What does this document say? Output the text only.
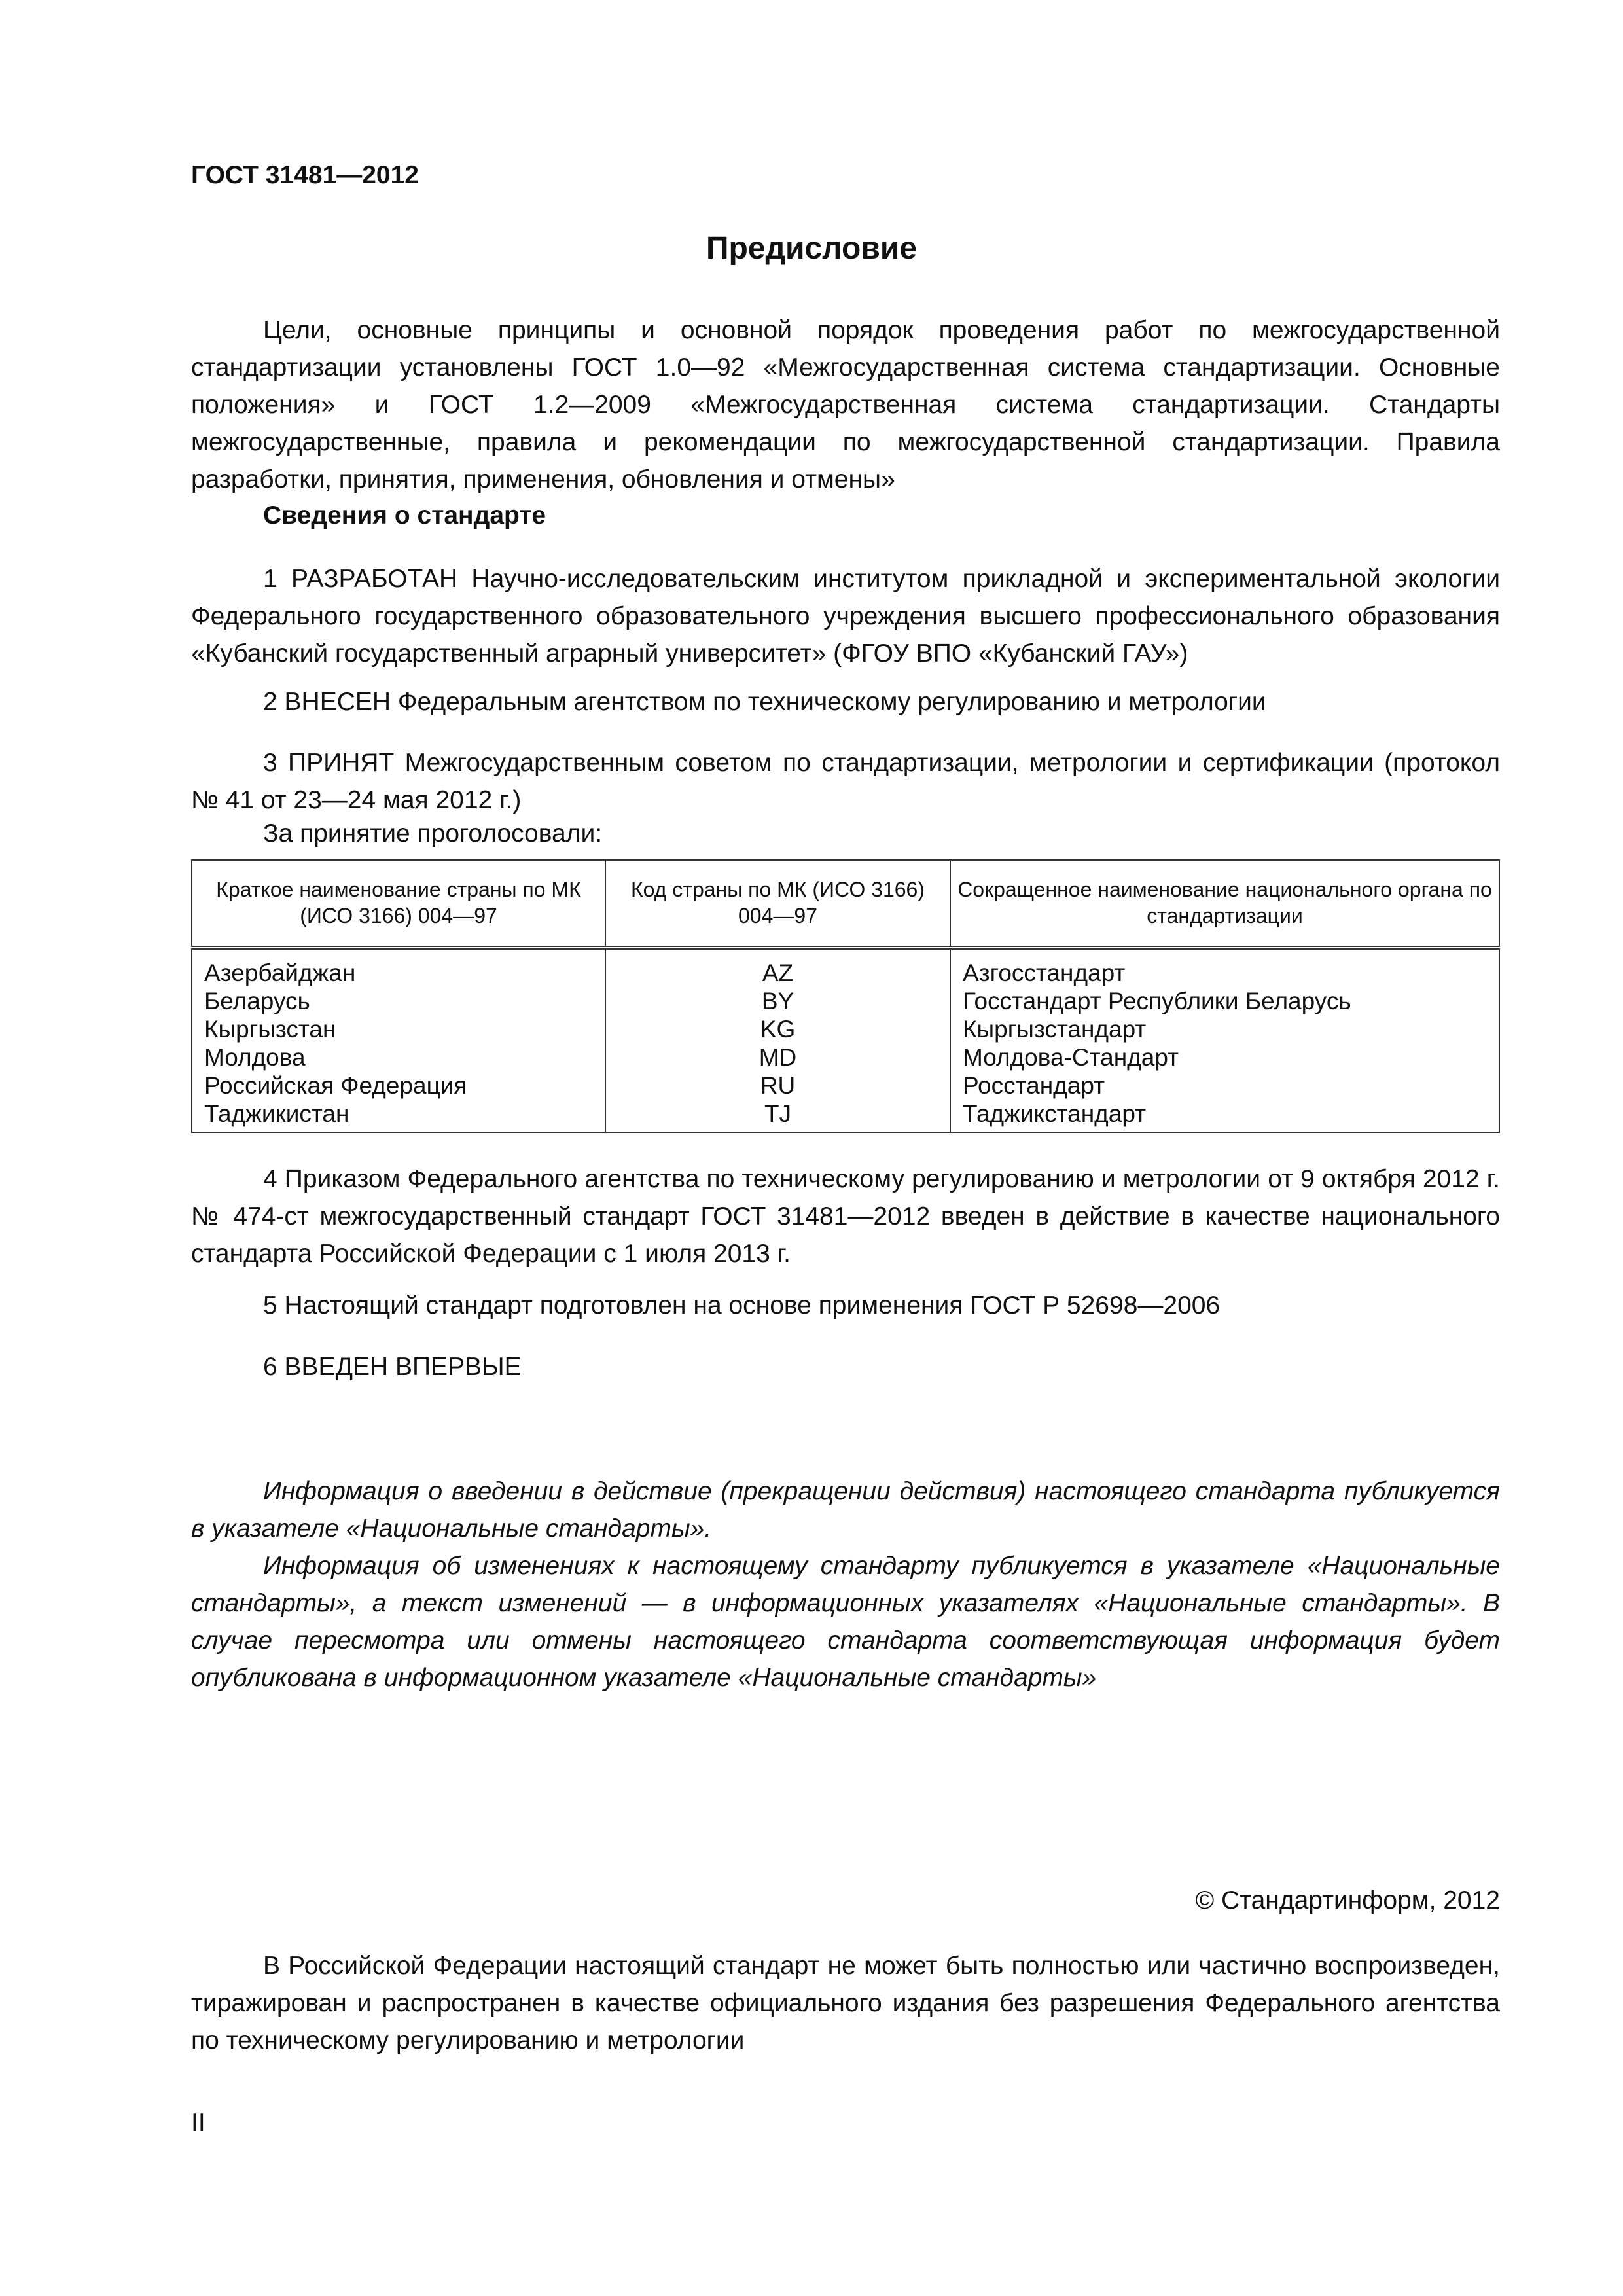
ГОСТ 31481—2012
Предисловие

Цели, основные принципы и основной порядок проведения работ по межгосударственной стандартизации установлены ГОСТ 1.0—92 «Межгосударственная система стандартизации. Основные положения» и ГОСТ 1.2—2009 «Межгосударственная система стандартизации. Стандарты межгосударственные, правила и рекомендации по межгосударственной стандартизации. Правила разработки, принятия, применения, обновления и отмены»

Сведения о стандарте

1 РАЗРАБОТАН Научно-исследовательским институтом прикладной и экспериментальной экологии Федерального государственного образовательного учреждения высшего профессионального образования «Кубанский государственный аграрный университет» (ФГОУ ВПО «Кубанский ГАУ»)

2 ВНЕСЕН Федеральным агентством по техническому регулированию и метрологии

3 ПРИНЯТ Межгосударственным советом по стандартизации, метрологии и сертификации (протокол № 41 от 23—24 мая 2012 г.)

За принятие проголосовали:
Краткое наименование страны по МК (ИСО 3166) 004—97	Код страны по МК (ИСО 3166) 004—97	Сокращенное наименование национального органа по стандартизации
Азербайджан	AZ	Азгосстандарт
Беларусь	BY	Госстандарт Республики Беларусь
Кыргызстан	KG	Кыргызстандарт
Молдова	MD	Молдова-Стандарт
Российская Федерация	RU	Росстандарт
Таджикистан	TJ	Таджикстандарт

4 Приказом Федерального агентства по техническому регулированию и метрологии от 9 октября 2012 г. № 474-ст межгосударственный стандарт ГОСТ 31481—2012 введен в действие в качестве национального стандарта Российской Федерации с 1 июля 2013 г.

5 Настоящий стандарт подготовлен на основе применения ГОСТ Р 52698—2006

6 ВВЕДЕН ВПЕРВЫЕ

Информация о введении в действие (прекращении действия) настоящего стандарта публикуется в указателе «Национальные стандарты».

Информация об изменениях к настоящему стандарту публикуется в указателе «Национальные стандарты», а текст изменений — в информационных указателях «Национальные стандарты». В случае пересмотра или отмены настоящего стандарта соответствующая информация будет опубликована в информационном указателе «Национальные стандарты»

© Стандартинформ, 2012

В Российской Федерации настоящий стандарт не может быть полностью или частично воспроизведен, тиражирован и распространен в качестве официального издания без разрешения Федерального агентства по техническому регулированию и метрологии

II
